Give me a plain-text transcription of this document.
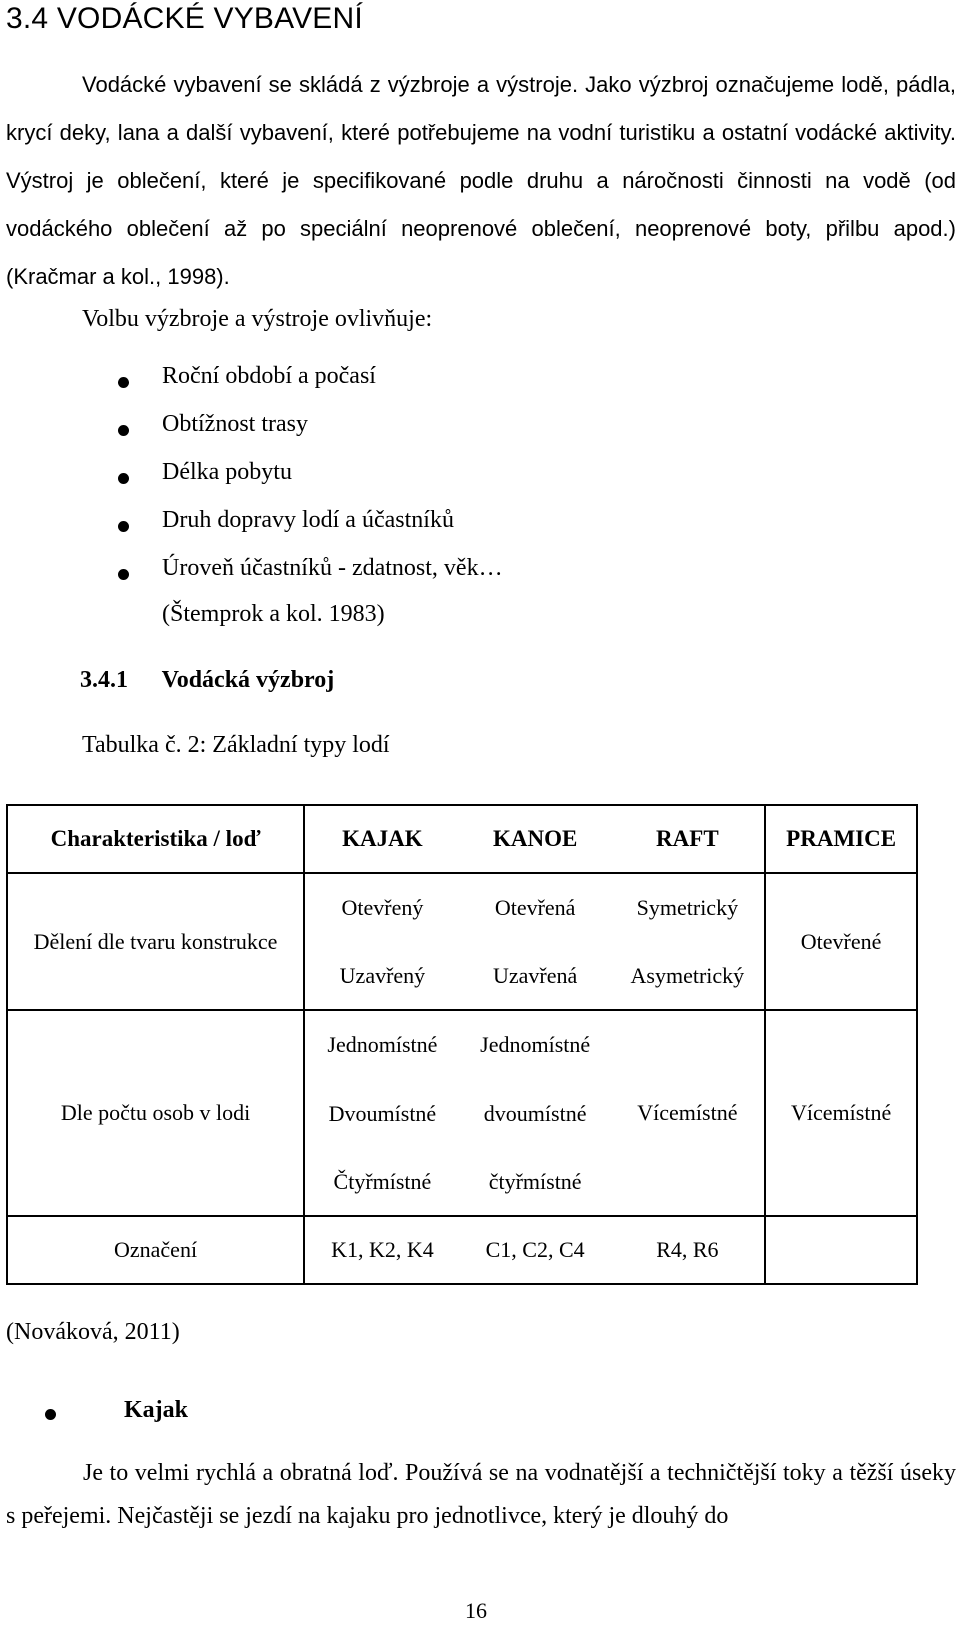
3.4 VODÁCKÉ VYBAVENÍ
Vodácké vybavení se skládá z výzbroje a výstroje. Jako výzbroj označujeme lodě, pádla, krycí deky, lana a další vybavení, které potřebujeme na vodní turistiku a ostatní vodácké aktivity. Výstroj je oblečení, které je specifikované podle druhu a náročnosti činnosti na vodě (od vodáckého oblečení až po speciální neoprenové oblečení, neoprenové boty, přilbu apod.) (Kračmar a kol., 1998).
Volbu výzbroje a výstroje ovlivňuje:
Roční období a počasí
Obtížnost trasy
Délka pobytu
Druh dopravy lodí a účastníků
Úroveň účastníků - zdatnost, věk…
(Štemprok a kol. 1983)
3.4.1 Vodácká výzbroj
Tabulka č. 2: Základní typy lodí
Charakteristika / loď	KAJAK	KANOE	RAFT	PRAMICE
Dělení dle tvaru konstrukce	Otevřený	Otevřená	Symetrický	Otevřené
	Uzavřený	Uzavřená	Asymetrický	
Dle počtu osob v lodi	Jednomístné	Jednomístné	Vícemístné	Vícemístné
	Dvoumístné	dvoumístné		
	Čtyřmístné	čtyřmístné		
Označení	K1, K2, K4	C1, C2, C4	R4, R6	
(Nováková, 2011)
Kajak
Je to velmi rychlá a obratná loď. Používá se na vodnatější a techničtější toky a těžší úseky s peřejemi. Nejčastěji se jezdí na kajaku pro jednotlivce, který je dlouhý do
16
